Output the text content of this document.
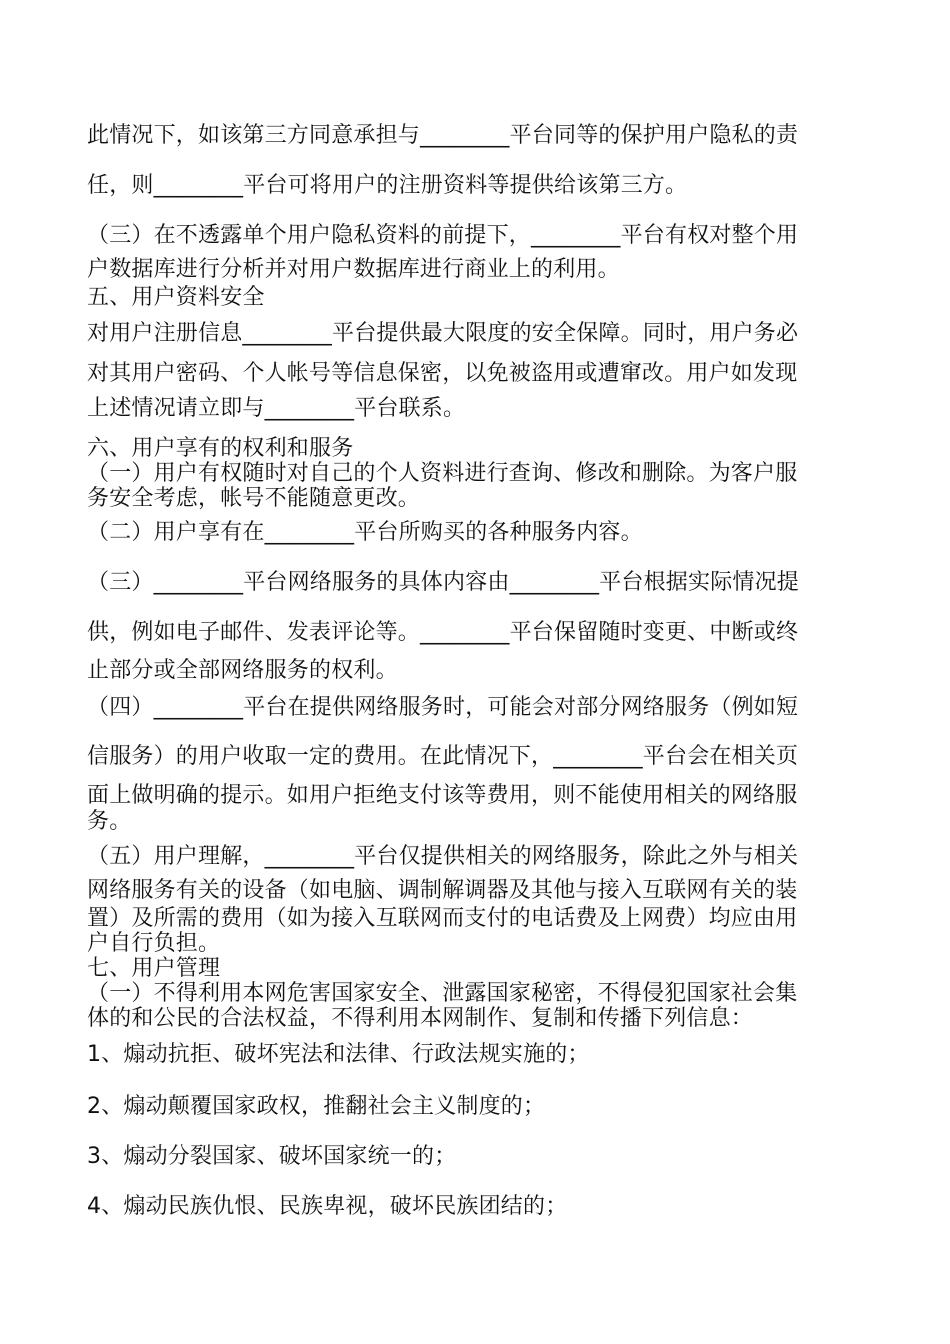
此情况下，如该第三方同意承担与________平台同等的保护用户隐私的责
任，则________平台可将用户的注册资料等提供给该第三方。
（三）在不透露单个用户隐私资料的前提下，________平台有权对整个用
户数据库进行分析并对用户数据库进行商业上的利用。
五、用户资料安全
对用户注册信息________平台提供最大限度的安全保障。同时，用户务必
对其用户密码、个人帐号等信息保密，以免被盗用或遭窜改。用户如发现
上述情况请立即与________平台联系。
六、用户享有的权利和服务
（一）用户有权随时对自己的个人资料进行查询、修改和删除。为客户服
务安全考虑，帐号不能随意更改。
（二）用户享有在________平台所购买的各种服务内容。
（三）________平台网络服务的具体内容由________平台根据实际情况提
供，例如电子邮件、发表评论等。________平台保留随时变更、中断或终
止部分或全部网络服务的权利。
（四）________平台在提供网络服务时，可能会对部分网络服务（例如短
信服务）的用户收取一定的费用。在此情况下，________平台会在相关页
面上做明确的提示。如用户拒绝支付该等费用，则不能使用相关的网络服
务。
（五）用户理解，________平台仅提供相关的网络服务，除此之外与相关
网络服务有关的设备（如电脑、调制解调器及其他与接入互联网有关的装
置）及所需的费用（如为接入互联网而支付的电话费及上网费）均应由用
户自行负担。
七、用户管理
（一）不得利用本网危害国家安全、泄露国家秘密，不得侵犯国家社会集
体的和公民的合法权益，不得利用本网制作、复制和传播下列信息：
1、煽动抗拒、破坏宪法和法律、行政法规实施的；
2、煽动颠覆国家政权，推翻社会主义制度的；
3、煽动分裂国家、破坏国家统一的；
4、煽动民族仇恨、民族卑视，破坏民族团结的；
